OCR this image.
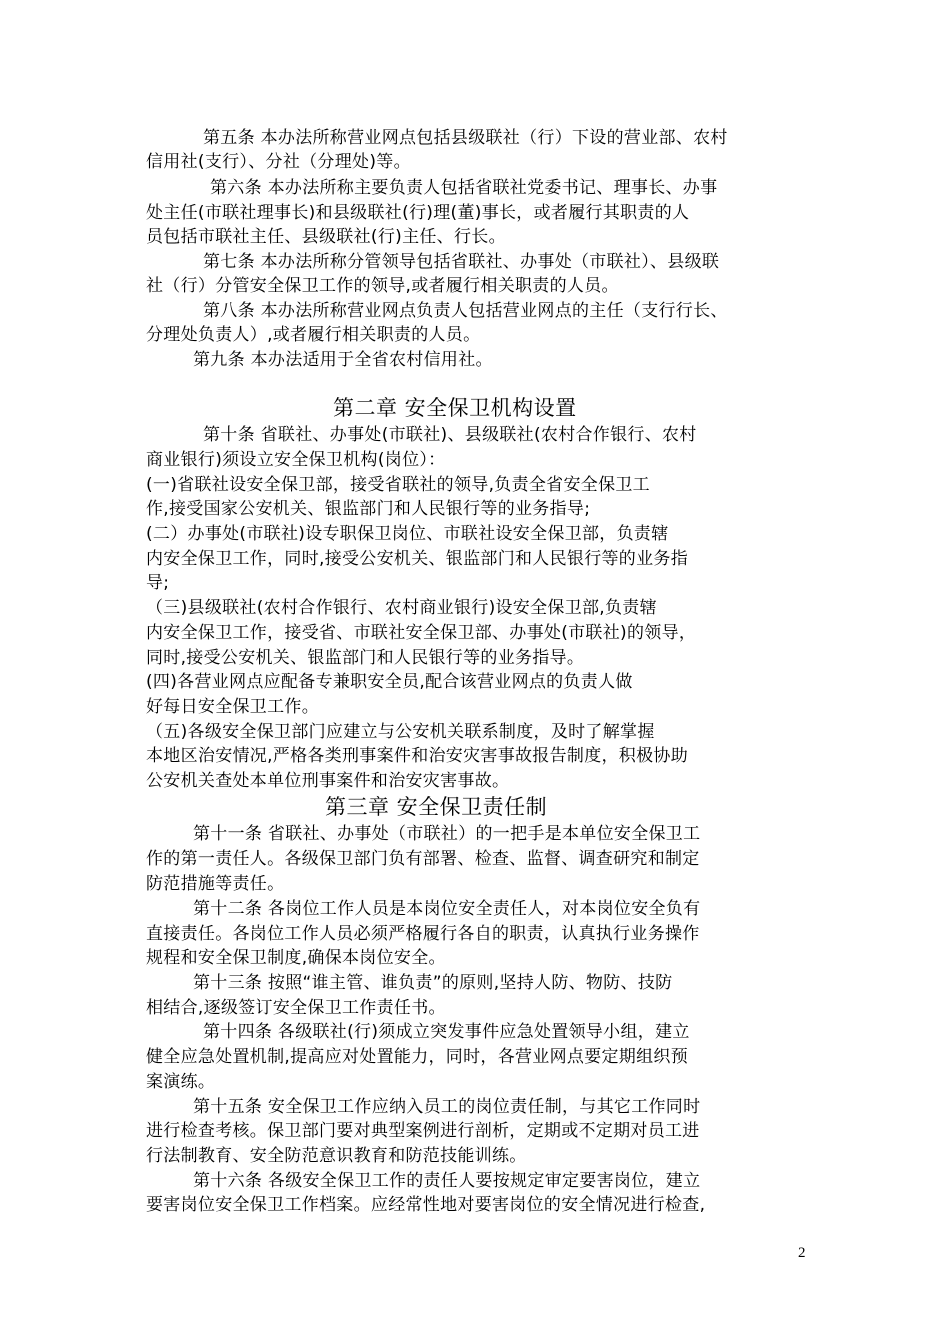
第五条 本办法所称营业网点包括县级联社（行）下设的营业部、农村
信用社(支行）、分社（分理处)等。
第六条 本办法所称主要负责人包括省联社党委书记、理事长、办事
处主任(市联社理事长)和县级联社(行)理(董)事长，或者履行其职责的人
员包括市联社主任、县级联社(行)主任、行长。
第七条 本办法所称分管领导包括省联社、办事处（市联社）、县级联
社（行）分管安全保卫工作的领导,或者履行相关职责的人员。
第八条 本办法所称营业网点负责人包括营业网点的主任（支行行长、
分理处负责人）,或者履行相关职责的人员。
第九条 本办法适用于全省农村信用社。
第二章 安全保卫机构设置
第十条 省联社、办事处(市联社)、县级联社(农村合作银行、农村
商业银行)须设立安全保卫机构(岗位）：
(一)省联社设安全保卫部，接受省联社的领导,负责全省安全保卫工
作,接受国家公安机关、银监部门和人民银行等的业务指导;
(二）办事处(市联社)设专职保卫岗位、市联社设安全保卫部，负责辖
内安全保卫工作，同时,接受公安机关、银监部门和人民银行等的业务指
导;
（三)县级联社(农村合作银行、农村商业银行)设安全保卫部,负责辖
内安全保卫工作，接受省、市联社安全保卫部、办事处(市联社)的领导，
同时,接受公安机关、银监部门和人民银行等的业务指导。
(四)各营业网点应配备专兼职安全员,配合该营业网点的负责人做
好每日安全保卫工作。
（五)各级安全保卫部门应建立与公安机关联系制度，及时了解掌握
本地区治安情况,严格各类刑事案件和治安灾害事故报告制度，积极协助
公安机关查处本单位刑事案件和治安灾害事故。
第三章 安全保卫责任制
第十一条 省联社、办事处（市联社）的一把手是本单位安全保卫工
作的第一责任人。各级保卫部门负有部署、检查、监督、调查研究和制定
防范措施等责任。
第十二条 各岗位工作人员是本岗位安全责任人，对本岗位安全负有
直接责任。各岗位工作人员必须严格履行各自的职责，认真执行业务操作
规程和安全保卫制度,确保本岗位安全。
第十三条 按照“谁主管、谁负责”的原则,坚持人防、物防、技防
相结合,逐级签订安全保卫工作责任书。
第十四条 各级联社(行)须成立突发事件应急处置领导小组，建立
健全应急处置机制,提高应对处置能力，同时，各营业网点要定期组织预
案演练。
第十五条 安全保卫工作应纳入员工的岗位责任制，与其它工作同时
进行检查考核。保卫部门要对典型案例进行剖析，定期或不定期对员工进
行法制教育、安全防范意识教育和防范技能训练。
第十六条 各级安全保卫工作的责任人要按规定审定要害岗位，建立
要害岗位安全保卫工作档案。应经常性地对要害岗位的安全情况进行检查,
2
